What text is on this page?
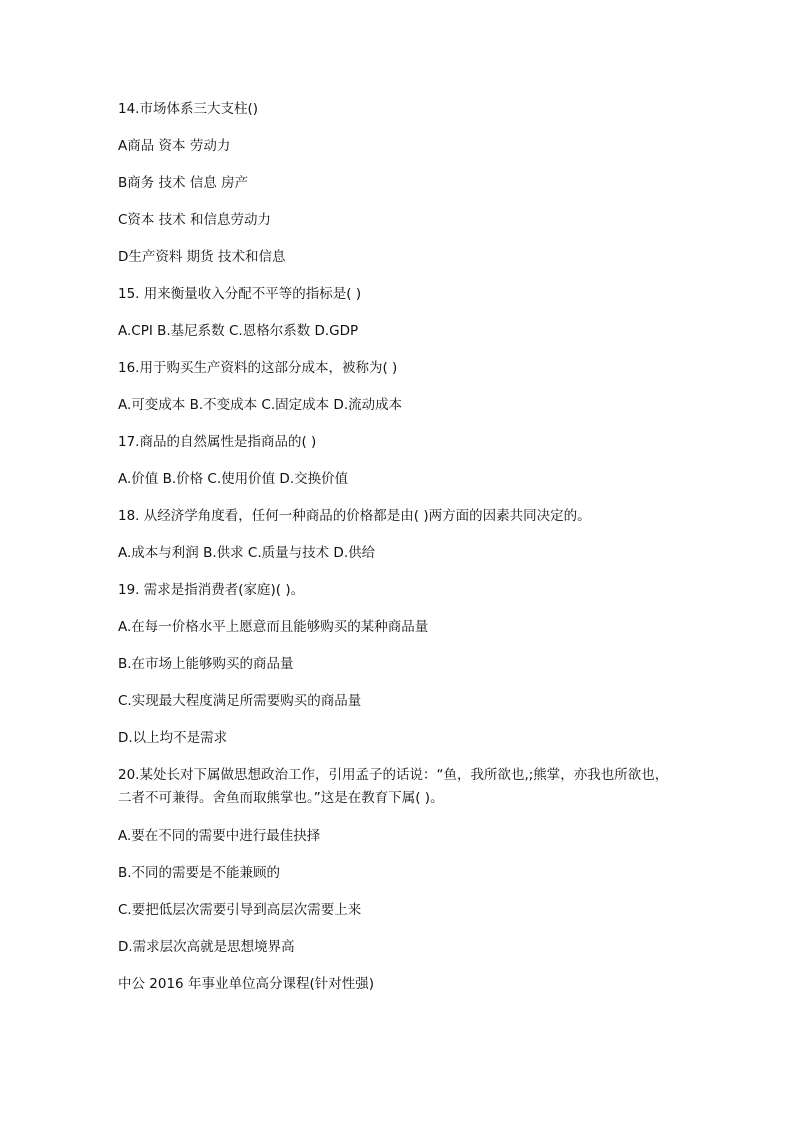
14.市场体系三大支柱()

A商品 资本 劳动力

B商务 技术 信息 房产

C资本 技术 和信息劳动力

D生产资料 期货 技术和信息

15. 用来衡量收入分配不平等的指标是( )

A.CPI B.基尼系数 C.恩格尔系数 D.GDP

16.用于购买生产资料的这部分成本，被称为( )

A.可变成本 B.不变成本 C.固定成本 D.流动成本

17.商品的自然属性是指商品的( )

A.价值 B.价格 C.使用价值 D.交换价值

18. 从经济学角度看，任何一种商品的价格都是由( )两方面的因素共同决定的。

A.成本与利润 B.供求 C.质量与技术 D.供给

19. 需求是指消费者(家庭)( )。

A.在每一价格水平上愿意而且能够购买的某种商品量

B.在市场上能够购买的商品量

C.实现最大程度满足所需要购买的商品量

D.以上均不是需求

20.某处长对下属做思想政治工作，引用孟子的话说：“鱼，我所欲也,;熊掌，亦我也所欲也，二者不可兼得。舍鱼而取熊掌也。”这是在教育下属( )。

A.要在不同的需要中进行最佳抉择

B.不同的需要是不能兼顾的

C.要把低层次需要引导到高层次需要上来

D.需求层次高就是思想境界高

中公 2016 年事业单位高分课程(针对性强)
